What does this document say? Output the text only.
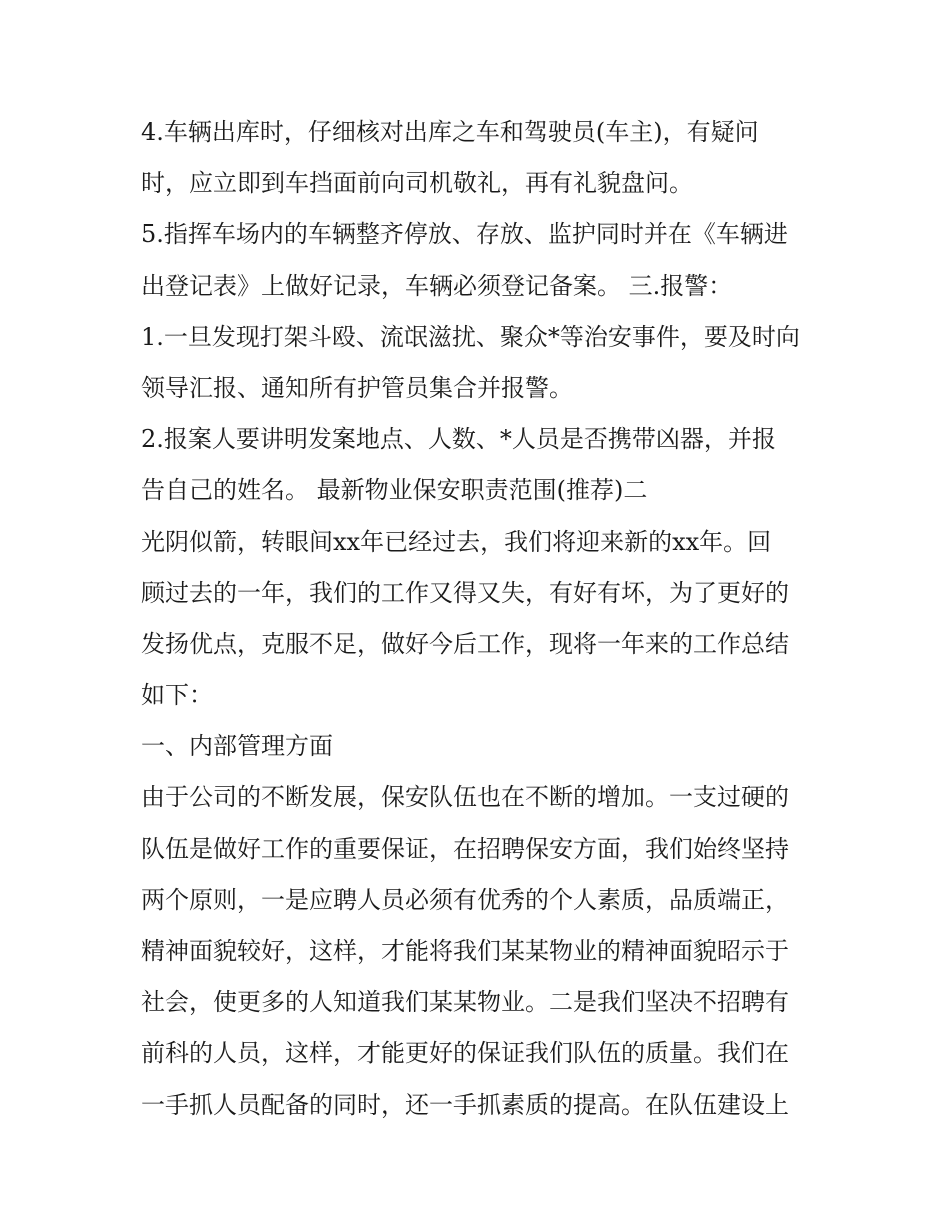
4.车辆出库时，仔细核对出库之车和驾驶员(车主)，有疑问
时，应立即到车挡面前向司机敬礼，再有礼貌盘问。
5.指挥车场内的车辆整齐停放、存放、监护同时并在《车辆进
出登记表》上做好记录，车辆必须登记备案。 三.报警：
1.一旦发现打架斗殴、流氓滋扰、聚众*等治安事件，要及时向
领导汇报、通知所有护管员集合并报警。
2.报案人要讲明发案地点、人数、*人员是否携带凶器，并报
告自己的姓名。 最新物业保安职责范围(推荐)二
光阴似箭，转眼间xx年已经过去，我们将迎来新的xx年。回
顾过去的一年，我们的工作又得又失，有好有坏，为了更好的
发扬优点，克服不足，做好今后工作，现将一年来的工作总结
如下：
一、内部管理方面
由于公司的不断发展，保安队伍也在不断的增加。一支过硬的
队伍是做好工作的重要保证，在招聘保安方面，我们始终坚持
两个原则，一是应聘人员必须有优秀的个人素质，品质端正，
精神面貌较好，这样，才能将我们某某物业的精神面貌昭示于
社会，使更多的人知道我们某某物业。二是我们坚决不招聘有
前科的人员，这样，才能更好的保证我们队伍的质量。我们在
一手抓人员配备的同时，还一手抓素质的提高。在队伍建设上
